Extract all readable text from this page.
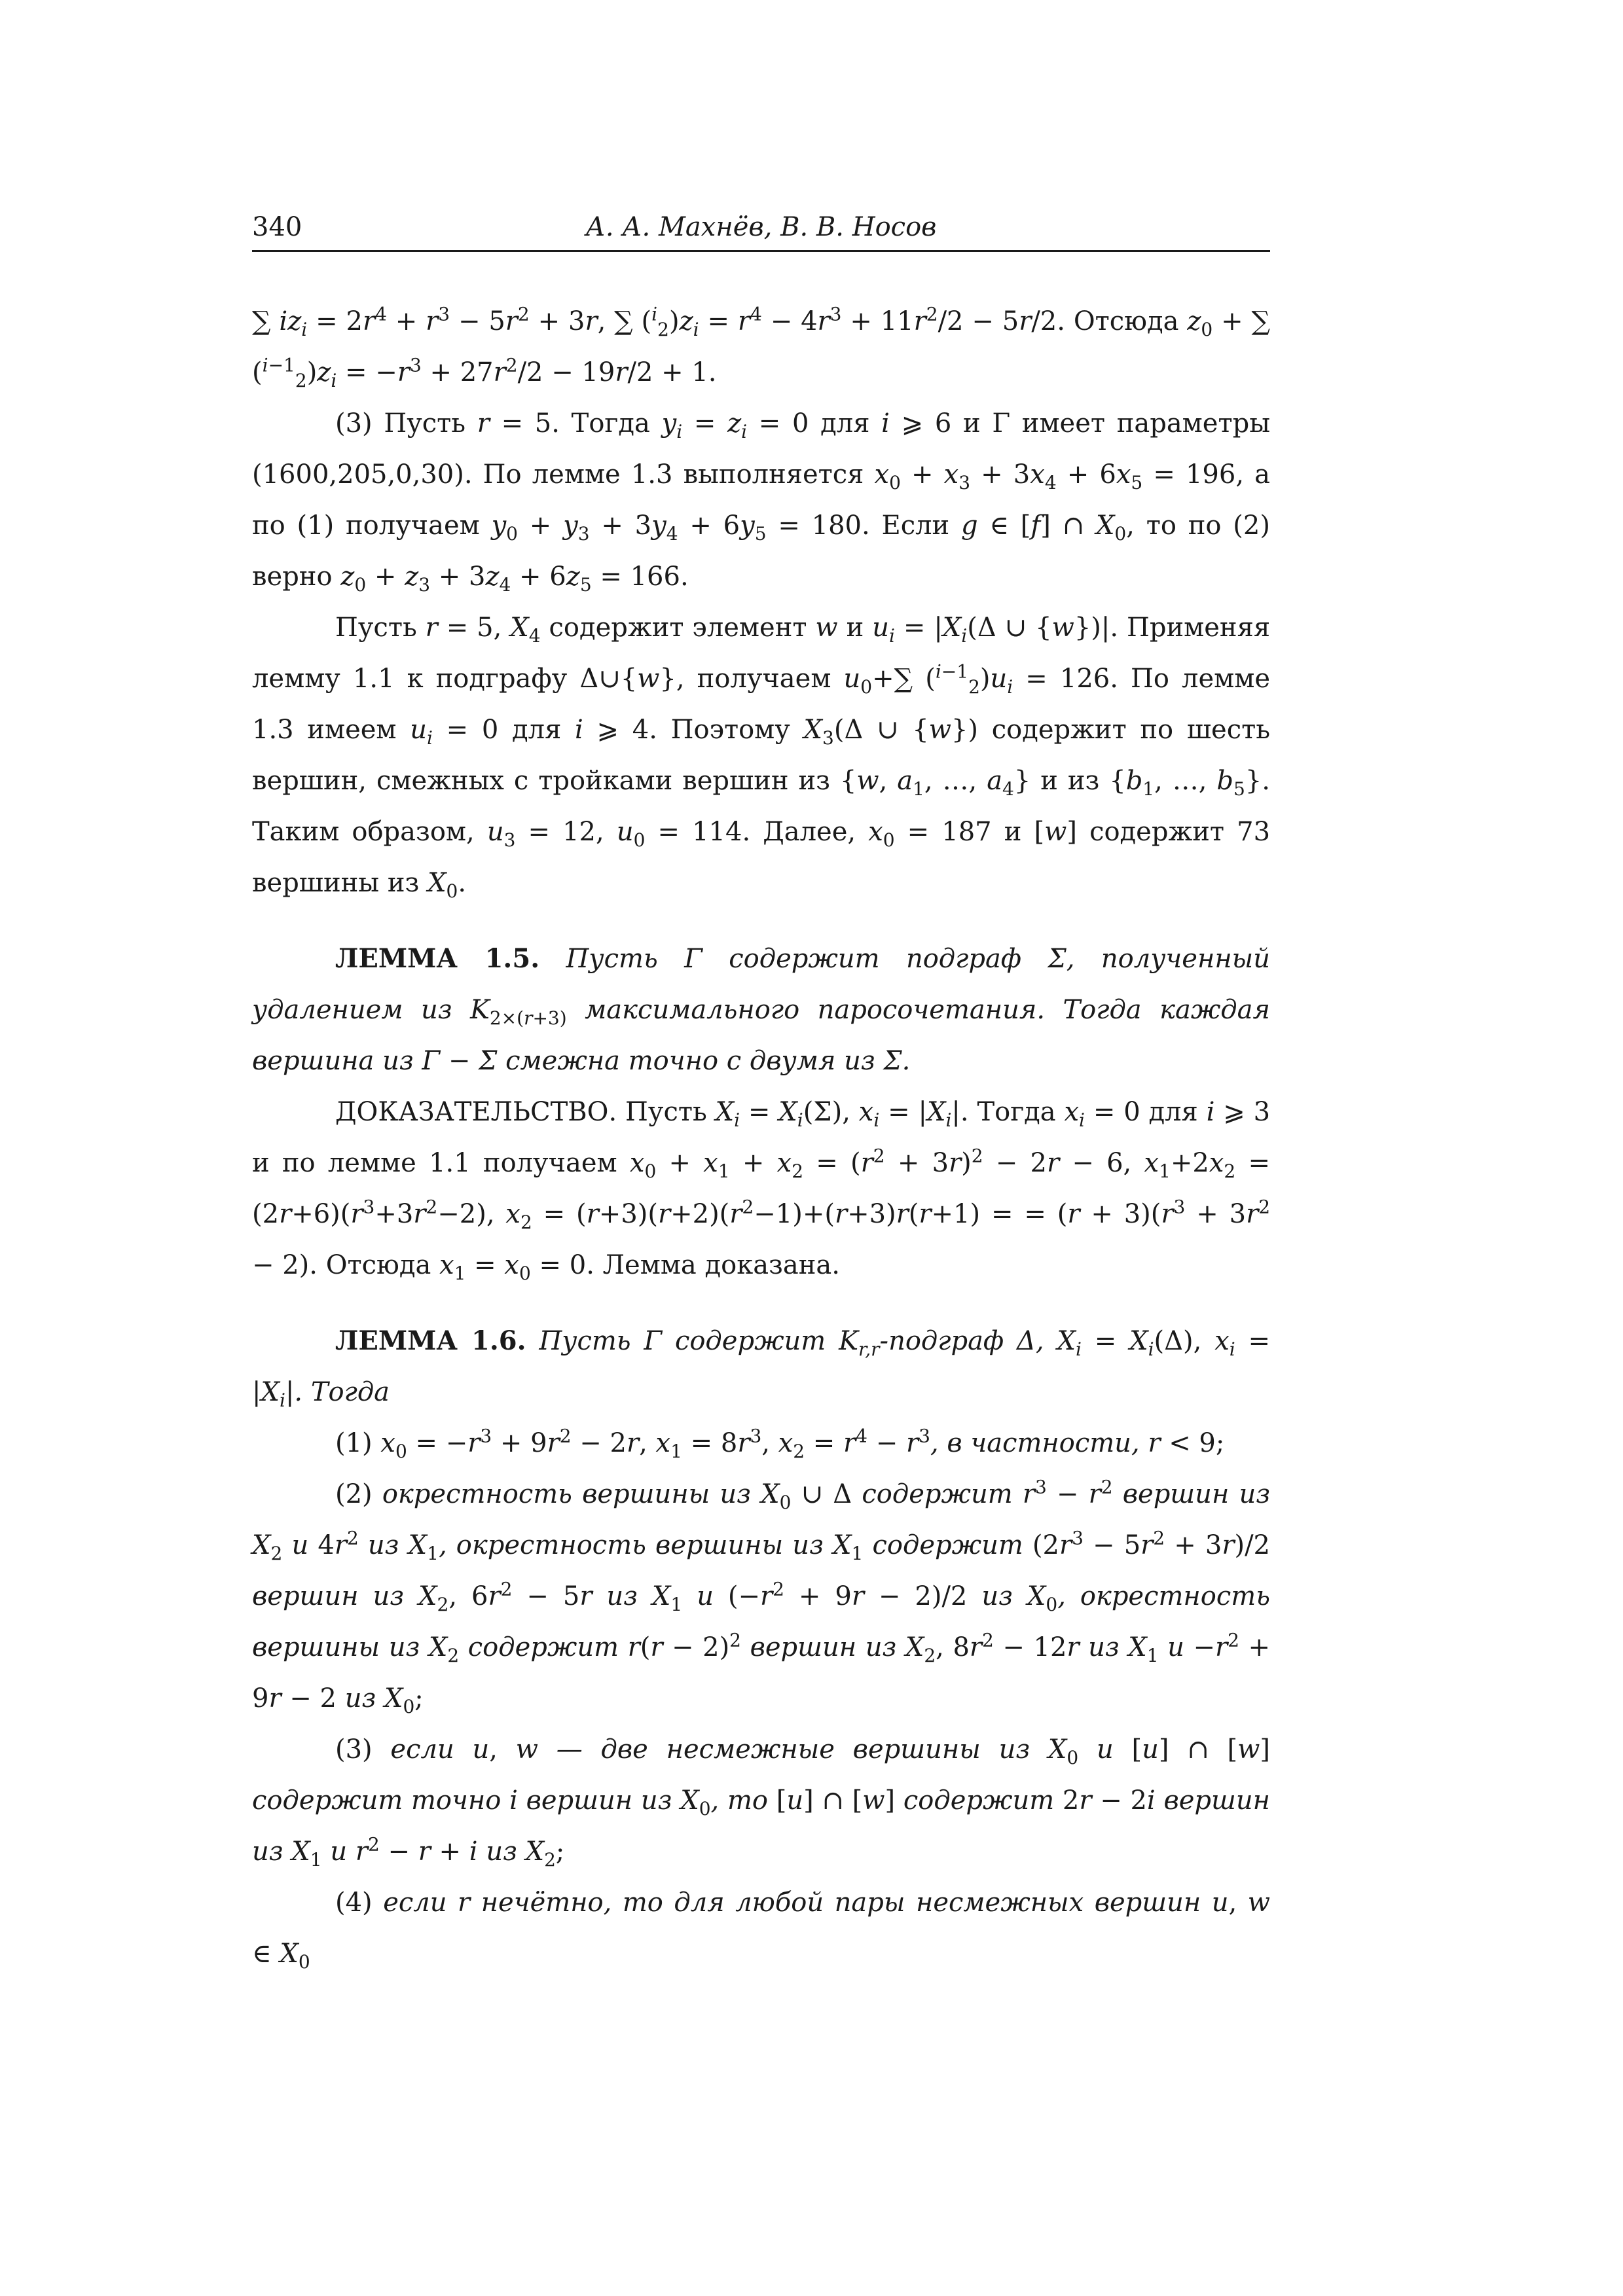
340	А. А. Махнёв, В. В. Носов

∑ $iz_i = 2r^4 + r^3 - 5r^2 + 3r$, ∑ $(^i_2)z_i = r^4 - 4r^3 + 11r^2/2 - 5r/2$. Отсюда $z_0$ + ∑ $(^{i-1}_2)z_i = -r^3 + 27r^2/2 - 19r/2 + 1$.

(3) Пусть r = 5. Тогда $y_i = z_i = 0$ для i ⩾ 6 и Γ имеет параметры (1600,205,0,30). По лемме 1.3 выполняется $x_0 + x_3 + 3x_4 + 6x_5 = 196$, а по (1) получаем $y_0 + y_3 + 3y_4 + 6y_5 = 180$. Если g ∈ [f] ∩ $X_0$, то по (2) верно $z_0 + z_3 + 3z_4 + 6z_5 = 166$.

Пусть r = 5, $X_4$ содержит элемент w и $u_i = |X_i(\Delta$ ∪ {w})|. Применяя лемму 1.1 к подграфу Δ∪{w}, получаем $u_0+\sum$ $(^{i-1}_2)u_i = 126$. По лемме 1.3 имеем $u_i = 0$ для i ⩾ 4. Поэтому $X_3(\Delta$ ∪ {w}) содержит по шесть вершин, смежных с тройками вершин из {w, $a_1$, …, $a_4$} и из {$b_1$, …, $b_5$}. Таким образом, $u_3 = 12$, $u_0 = 114$. Далее, $x_0 = 187$ и [w] содержит 73 вершины из $X_0$.

ЛЕММА 1.5. Пусть Γ содержит подграф Σ, полученный удалением из $K_{2\times(r+3)}$ максимального паросочетания. Тогда каждая вершина из Γ − Σ смежна точно с двумя из Σ.

ДОКАЗАТЕЛЬСТВО. Пусть $X_i = X_i(\Sigma)$, $x_i = |X_i|$. Тогда $x_i = 0$ для i ⩾ 3 и по лемме 1.1 получаем $x_0 + x_1 + x_2 = (r^2 + 3r)^2 - 2r - 6$, $x_1+2x_2 = (2r+6)(r^3+3r^2-2)$, $x_2 = (r+3)(r+2)(r^2-1)+(r+3)r(r+1)$ = = $(r + 3)(r^3 + 3r^2 - 2)$. Отсюда $x_1 = x_0 = 0$. Лемма доказана.

ЛЕММА 1.6. Пусть Γ содержит $K_{r,r}$-подграф Δ, $X_i = X_i(\Delta)$, $x_i = |X_i|$. Тогда

(1) $x_0 = -r^3 + 9r^2 - 2r$, $x_1 = 8r^3$, $x_2 = r^4 - r^3$, в частности, r < 9;

(2) окрестность вершины из $X_0$ ∪ Δ содержит $r^3 - r^2$ вершин из $X_2$ и $4r^2$ из $X_1$, окрестность вершины из $X_1$ содержит $(2r^3 - 5r^2 + 3r)/2$ вершин из $X_2$, $6r^2 - 5r$ из $X_1$ и $(-r^2 + 9r - 2)/2$ из $X_0$, окрестность вершины из $X_2$ содержит $r(r - 2)^2$ вершин из $X_2$, $8r^2 - 12r$ из $X_1$ $и -r^2 + 9r - 2$ из $X_0$;

(3) если u, w — две несмежные вершины из $X_0$ и [u] ∩ [w] содержит точно i вершин из $X_0$, то [u] ∩ [w] содержит 2r − 2i вершин из $X_1$ и $r^2 - r + i$ из $X_2$;

(4) если r нечётно, то для любой пары несмежных вершин u, w ∈ $X_0$
